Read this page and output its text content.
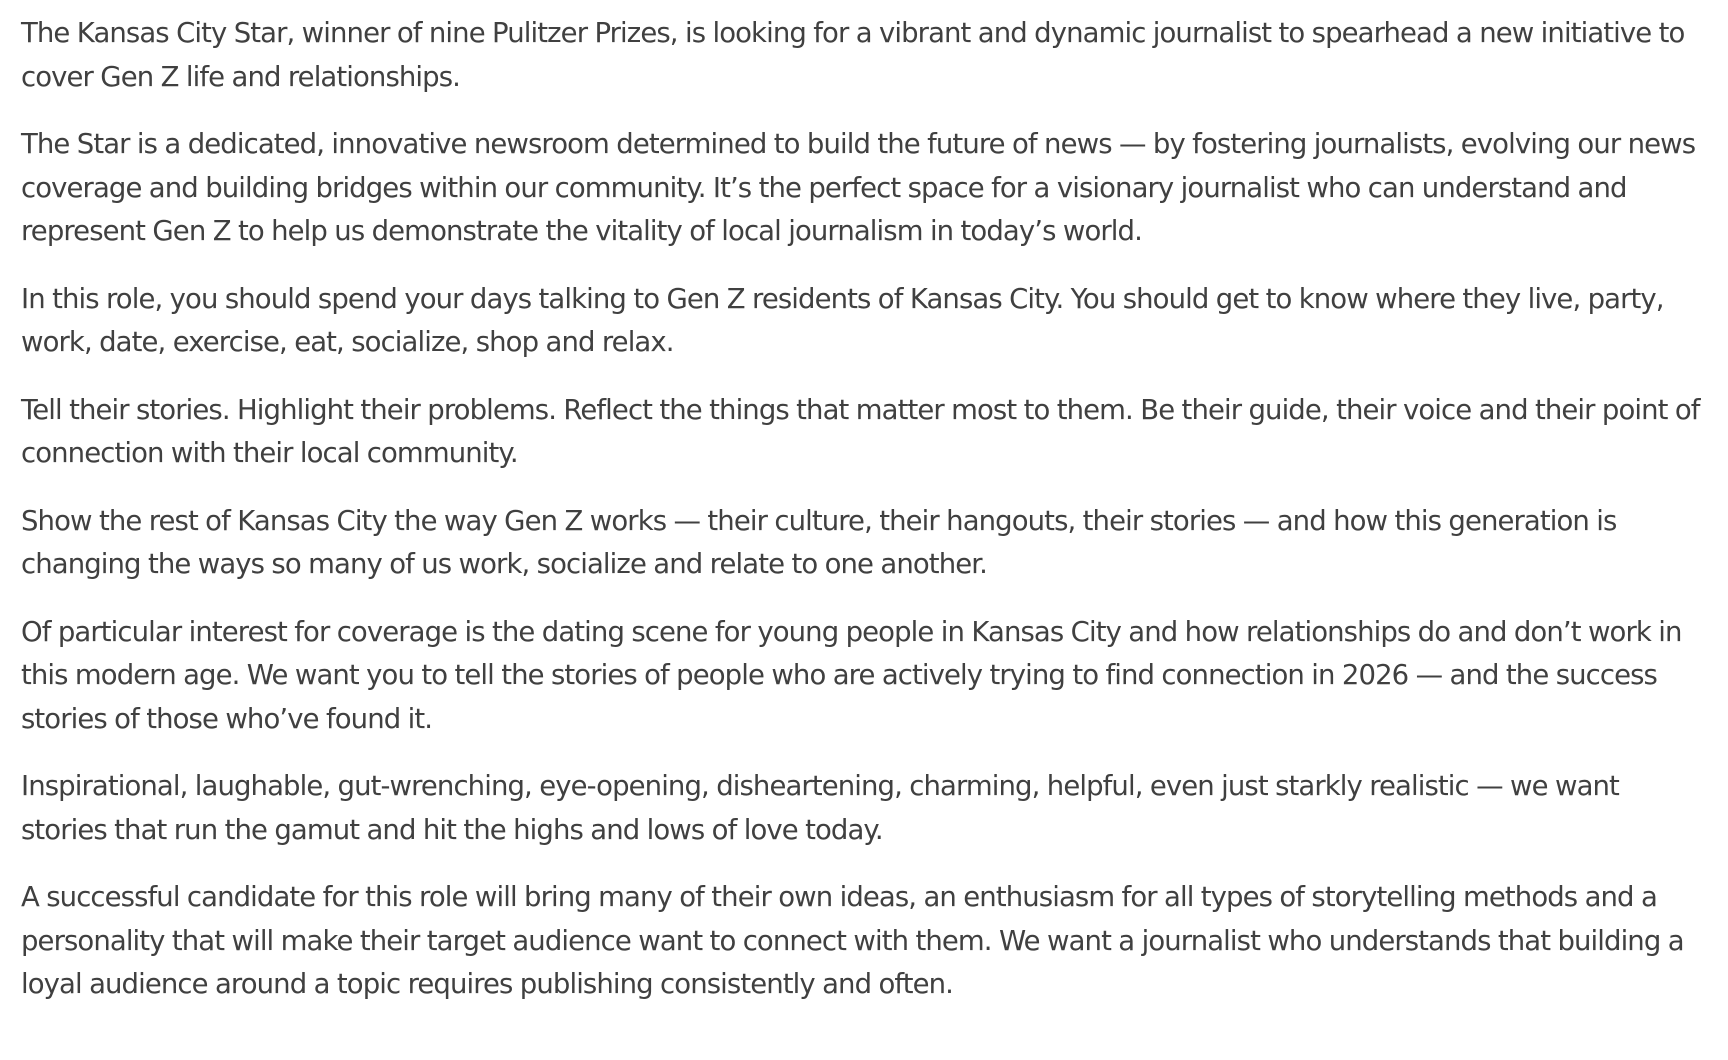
The Kansas City Star, winner of nine Pulitzer Prizes, is looking for a vibrant and dynamic journalist to spearhead a new initiative to cover Gen Z life and relationships.

The Star is a dedicated, innovative newsroom determined to build the future of news — by fostering journalists, evolving our news coverage and building bridges within our community. It’s the perfect space for a visionary journalist who can understand and represent Gen Z to help us demonstrate the vitality of local journalism in today’s world.

In this role, you should spend your days talking to Gen Z residents of Kansas City. You should get to know where they live, party, work, date, exercise, eat, socialize, shop and relax.

Tell their stories. Highlight their problems. Reflect the things that matter most to them. Be their guide, their voice and their point of connection with their local community.

Show the rest of Kansas City the way Gen Z works — their culture, their hangouts, their stories — and how this generation is changing the ways so many of us work, socialize and relate to one another.

Of particular interest for coverage is the dating scene for young people in Kansas City and how relationships do and don’t work in this modern age. We want you to tell the stories of people who are actively trying to find connection in 2026 — and the success stories of those who’ve found it.

Inspirational, laughable, gut-wrenching, eye-opening, disheartening, charming, helpful, even just starkly realistic — we want stories that run the gamut and hit the highs and lows of love today.

A successful candidate for this role will bring many of their own ideas, an enthusiasm for all types of storytelling methods and a personality that will make their target audience want to connect with them. We want a journalist who understands that building a loyal audience around a topic requires publishing consistently and often.
